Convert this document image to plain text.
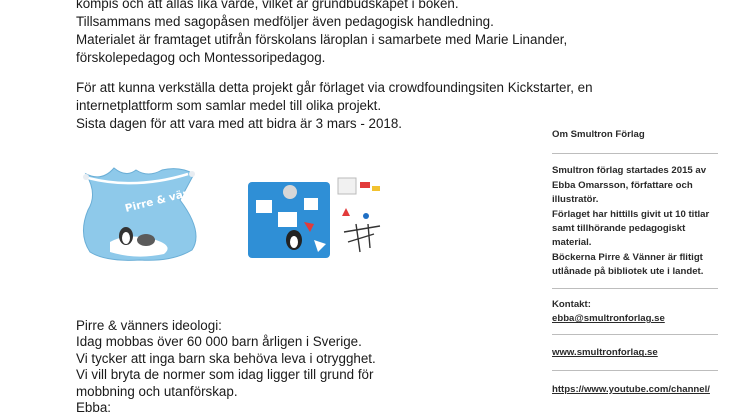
kompis och att allas lika värde, vilket är grundbudskapet i boken.

Tillsammans med sagopåsen medföljer även pedagogisk handledning.

Materialet är framtaget utifrån förskolans läroplan i samarbete med Marie Linander,

förskolepedagog och Montessoripedagog.

För att kunna verkställa detta projekt går förlaget via crowdfoundingsiten Kickstarter, en

internetplattform som samlar medel till olika projekt.

Sista dagen för att vara med att bidra är 3 mars - 2018.

Pirre & vänner

Pirre & vänners ideologi:

Idag mobbas över 60 000 barn årligen i Sverige.

Vi tycker att inga barn ska behöva leva i otrygghet.

Vi vill bryta de normer som idag ligger till grund för

mobbning och utanförskap.

Ebba:

Om Smultron Förlag

Smultron förlag startades 2015 av

Ebba Omarsson, författare och

illustratör.

Förlaget har hittills givit ut 10 titlar

samt tillhörande pedagogiskt

material.

Böckerna Pirre & Vänner är flitigt

utlånade på bibliotek ute i landet.

Kontakt:

ebba@smultronforlag.se
www.smultronforlag.se
https://www.youtube.com/channel/
